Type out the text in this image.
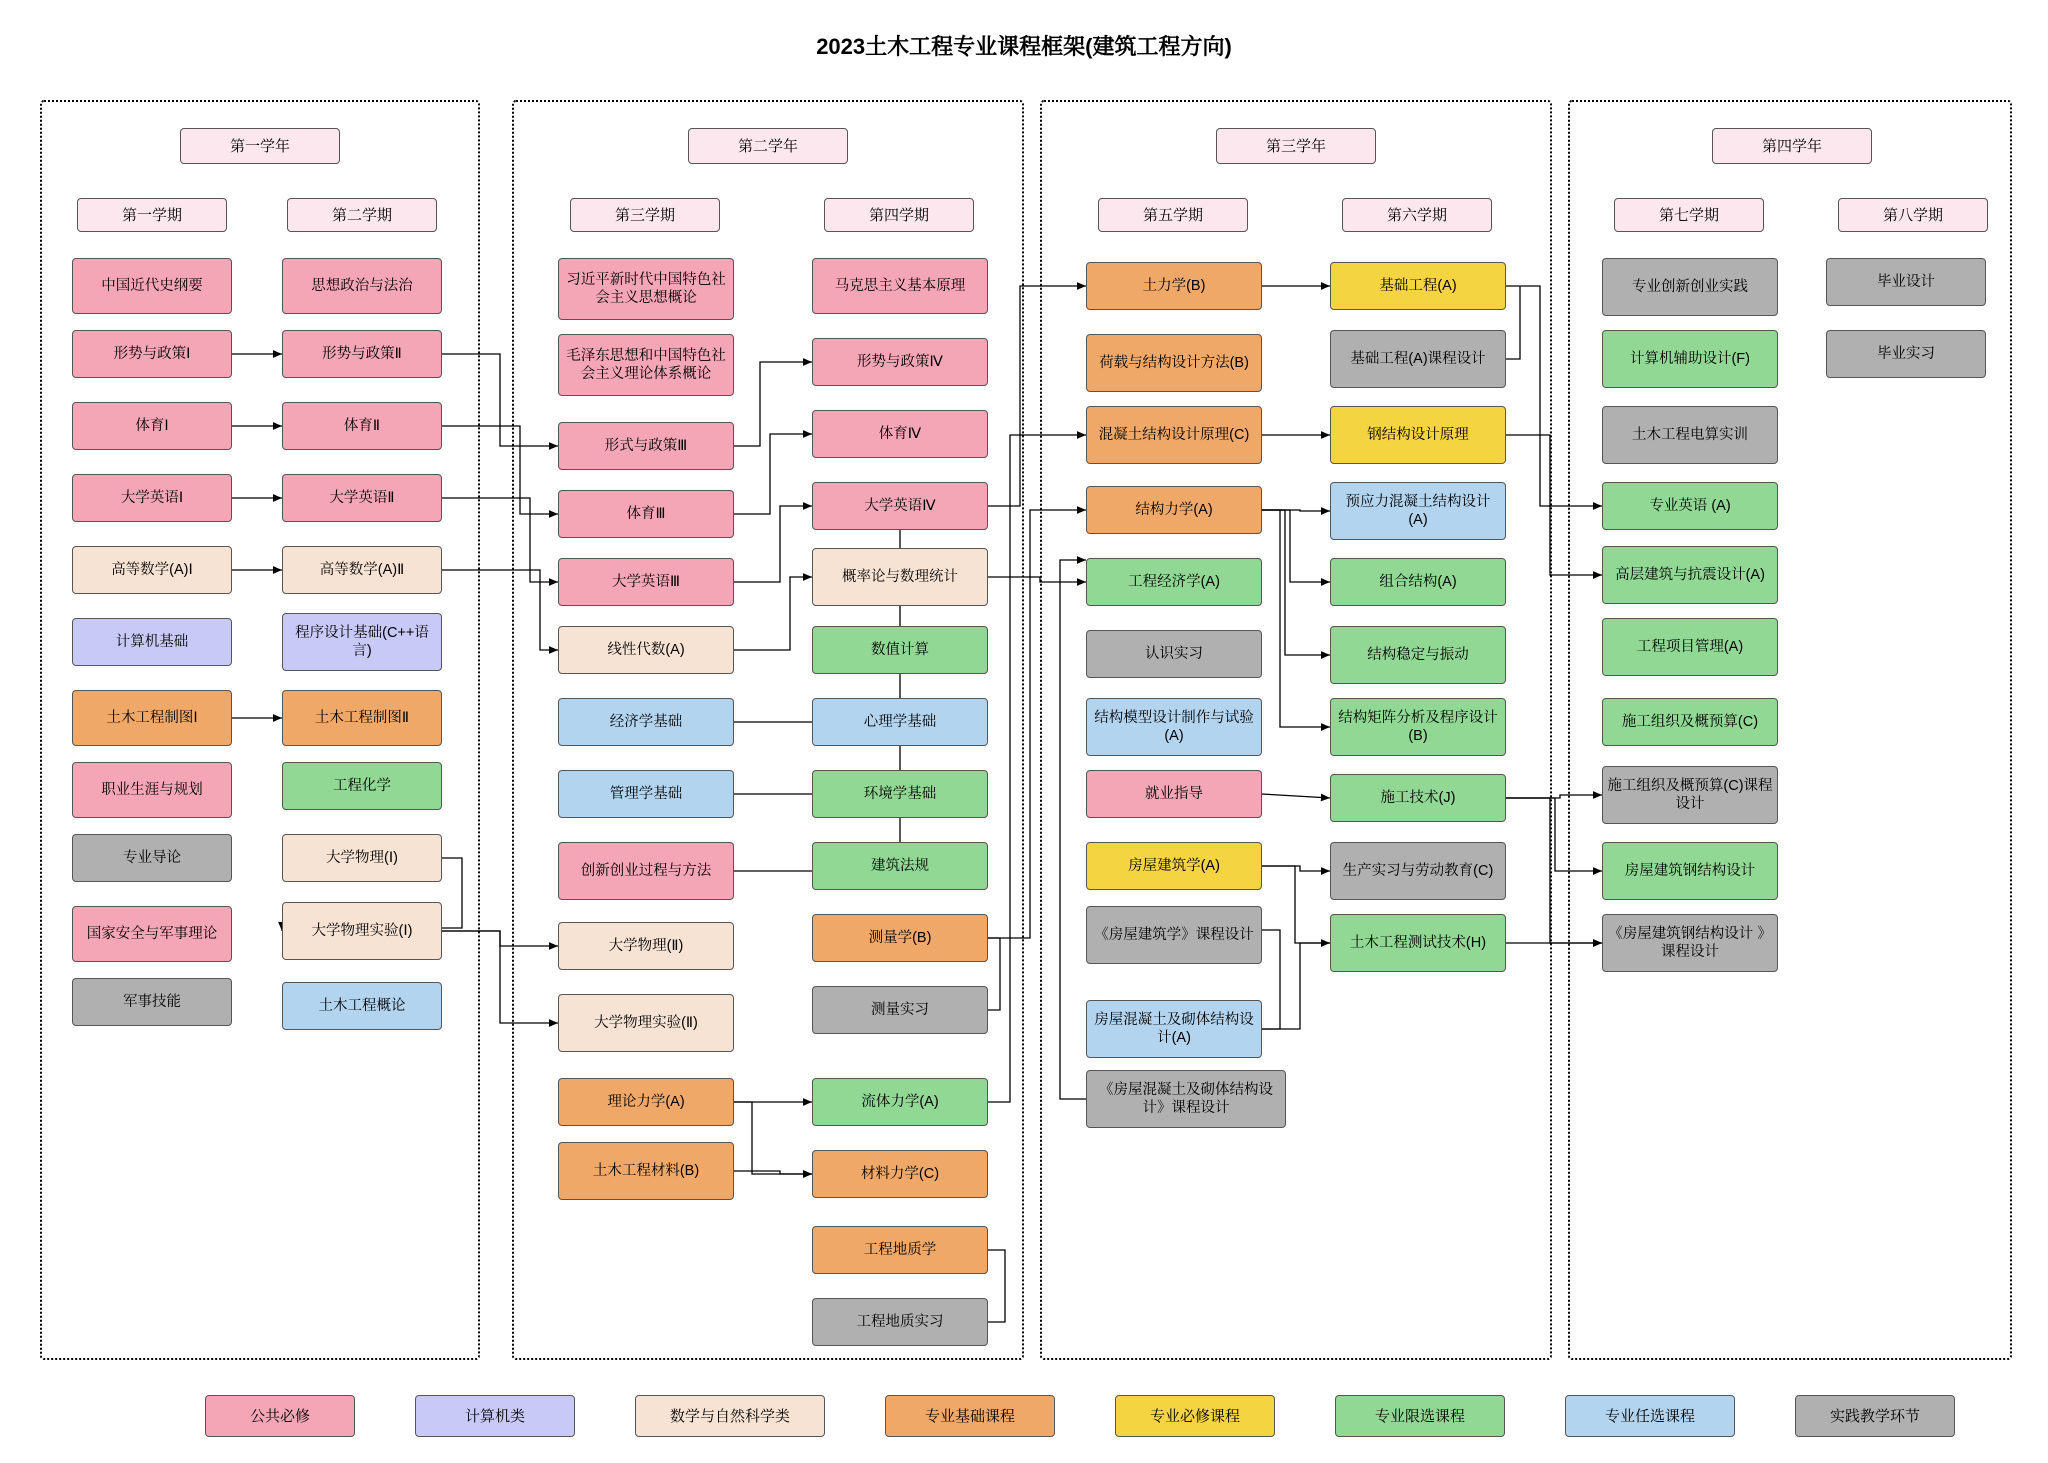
2023土木工程专业课程框架(建筑工程方向)
第一学年	第二学年	第三学年	第四学年
第一学期	第二学期	第三学期	第四学期	第五学期	第六学期	第七学期	第八学期
中国近代史纲要
形势与政策Ⅰ
体育Ⅰ
大学英语Ⅰ
高等数学(A)Ⅰ
计算机基础
土木工程制图Ⅰ
职业生涯与规划
专业导论
国家安全与军事理论
军事技能
思想政治与法治
形势与政策Ⅱ
体育Ⅱ
大学英语Ⅱ
高等数学(A)Ⅱ
程序设计基础(C++语言)
土木工程制图Ⅱ
工程化学
大学物理(Ⅰ)
大学物理实验(Ⅰ)
土木工程概论
习近平新时代中国特色社会主义思想概论
毛泽东思想和中国特色社会主义理论体系概论
形式与政策Ⅲ
体育Ⅲ
大学英语Ⅲ
线性代数(A)
经济学基础
管理学基础
创新创业过程与方法
大学物理(Ⅱ)
大学物理实验(Ⅱ)
理论力学(A)
土木工程材料(B)
马克思主义基本原理
形势与政策Ⅳ
体育Ⅳ
大学英语Ⅳ
概率论与数理统计
数值计算
心理学基础
环境学基础
建筑法规
测量学(B)
测量实习
流体力学(A)
材料力学(C)
工程地质学
工程地质实习
土力学(B)
荷载与结构设计方法(B)
混凝土结构设计原理(C)
结构力学(A)
工程经济学(A)
认识实习
结构模型设计制作与试验 (A)
就业指导
房屋建筑学(A)
《房屋建筑学》课程设计
房屋混凝土及砌体结构设计(A)
《房屋混凝土及砌体结构设计》课程设计
基础工程(A)
基础工程(A)课程设计
钢结构设计原理
预应力混凝土结构设计 (A)
组合结构(A)
结构稳定与振动
结构矩阵分析及程序设计(B)
施工技术(J)
生产实习与劳动教育(C)
土木工程测试技术(H)
专业创新创业实践
计算机辅助设计(F)
土木工程电算实训
专业英语 (A)
高层建筑与抗震设计(A)
工程项目管理(A)
施工组织及概预算(C)
施工组织及概预算(C)课程设计
房屋建筑钢结构设计
《房屋建筑钢结构设计 》课程设计
毕业设计
毕业实习
公共必修	计算机类	数学与自然科学类	专业基础课程	专业必修课程	专业限选课程	专业任选课程	实践教学环节
